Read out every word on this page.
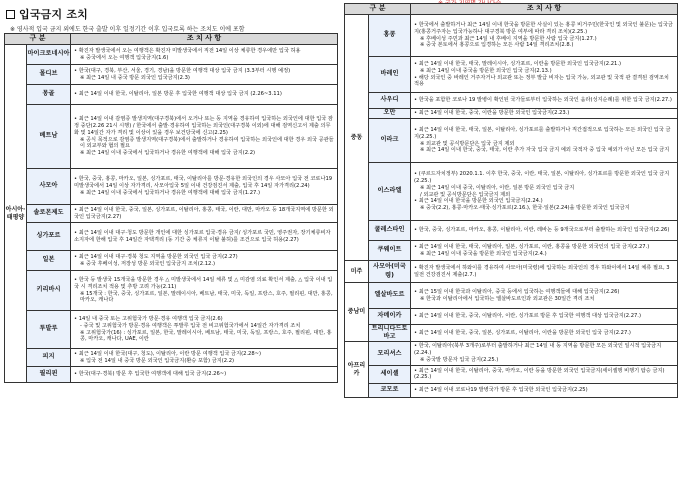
입국금지 조치
※ 영사적 입국 금지 외에도 한국 출발 이후 일정기간 이후 입국토록 하는 조치도 이에 포함
구 분		조 치 사 항
아시아·태평양	마이크로네시아	• 확진자 발생국에서 오는 여행객은 확진자 미발생국에서 직전 14일 이상 체류한 경우에만 입국 허용
※ 중국에서 오는 여행객 입국금지(1.6)

	몰디브	• 한국(대구, 경북, 부산, 서울, 경기, 경남)을 방문한 여행객 대상 입국 금지 (3.3부터 시행 예정)
※ 최근 14일 내 중국 방문 외국인 입국금지(2.3)

	몽골	• 최근 14일 이내 한국, 이탈리아, 일본 방문 후 입국한 여행객 대상 입국 금지 (2.26~3.11)

	베트남	• 최근 14일 이내 감염증 발생지역(대구경북)에서 오거나 또는 동 지역을 경유하여 입국하는 외국인에 대한 입국 잠정 중단(2.26 21시 시행) / 한국에서 출발·경유하여 입국하는 외국인(대구경북 이외)에 대해 검역신고서 제출 의무화 및 14일간 자가 격리 및 이상이 있을 경우 보건당국에 신고(2.25)
※ 공식 목적으로 감염증 발생지역(대구경북)에서 출발하거나 경유하여 입국하는 외국인에 대한 경우 외국 공관들이 외교부와 협의 필요
※ 최근 14일 이내 중국에서 입국하거나 경유한 여행객에 대해 입국 금지(2.2)

	사모아	• 한국, 중국, 홍콩, 마카오, 일본, 싱가포르, 태국, 이탈리아를 방문·경유한 외국인의 경우 사모아 입국 전 코로나19 미발생국에서 14일 이상 자가격리, 사모아입국 5일 이내 건강검진서 제출, 입국 후 14일 자가격리(2.24)
※ 최근 14일 이내 중국에서 입국하거나 경유한 여행객에 대해 입국 금지(1.27.)

	솔로몬제도	• 최근 14일 이내 한국, 중국, 일본, 싱가포르, 이탈리아, 홍콩, 태국, 이란, 대만, 마카오 등 18개국지역에 방문한 외국인 입국금지(2.27)

	싱가포르	• 최근 14일 이내 대구·청도 방문한 개인에 대한 싱가포르 입국·경유 금지/ 싱가포르 국민, 영주권자, 장기체류비자 소지자에 한해 입국 후 14일간 자택격리 (동 기간 중 체류지 이탈 불허)를 조건으로 입국 허용(2.27)

	일본	• 최근 14일 이내 대구·경북 청도 지역을 방문한 외국인 입국 금지(2.27)
※ 중국 후베이성, 저장성 방문 외국인 입국금지 조치(2.12.)

	키리바시	• 한국 등 발생국 15개국을 방문한 경우 △ 미발생국에서 14일 체류 및 △ 미감염 의료 확인서 제출, △ 입국 이내 입국 시 격리조치 적용 및 추방 고려 가능(2.11)
※ 15개국 : 한국, 중국, 싱가포르, 일본, 말레이시아, 베트남, 태국, 미국, 독일, 프랑스, 호주, 필리핀, 대만, 홍콩, 마카오, 캐나다

	투발루	• 14일 내 중국 또는 고위험국가 방문·경유 여행객 입국 금지(2.6)
- 중국 및 고위험국가 방문·경유 여행객은 투발루 입국 전 비고위험국가에서 14일간 자가격리 조치
※ 고위험국가(16) : 싱가포르, 일본, 한국, 말레이시아, 베트남, 태국, 미국, 독일, 프랑스, 호주, 필리핀, 대만, 홍콩, 마카오, 캐나다, UAE, 이란

	피지	• 최근 14일 이내 한국(대구, 청도), 이탈리아, 이란 방문 여행객 입국 금지(2.28~)
※ 입국 전 14일 내 중국 방문 외국인 입국금지(환승 포함) 금지(2.2)

	필리핀	• 한국(대구·경북) 방문 후 입국한 여행객에 대해 입국 금지(2.26~)
구 분		조 치 사 항
중동	홍콩	• 한국에서 출발하거나 최근 14일 이내 한국을 방문한 사실이 있는 홍콩 비거주민(한국인 및 외국인 불문)는 입국금지(홍콩거주자는 입국가능하나 대구경북 방문 여부에 따라 격리 조치)(2.25.)
※ 후베이성 주민과 최근 14일 내 후베이 지역을 방문한 사람 입국 금지(1.27.)
※ 중국 본토에서 홍콩으로 입경하는 모든 사람 14일 격리조치(2.8.)

	바레인	• 최근 14일 이내 한국, 태국, 말레이시아, 싱가포르, 이란을 방문한 외국인 입국금지(2.21.)
※ 최근 14일 이내 중국을 방문한 외국인 입국 금지(2.13.)
• 해당 외국인 중 바레인 거주자거나 외교관 또는 정부 발급 비자는 입국 가능, 외교관 및 국적 관 결격된 검역조치 적용

	사우디	• 한국을 포함한 코로나 19 발병이 확인된 국가들로부터 입국하는 외국인 움라(성지순례)를 위한 입국 금지(2.27.)

	오만	• 최근 14일 이내 한국, 중국, 이란을 방문한 외국인 입국금지(2.23.)

	이라크	• 최근 14일 이내 한국, 태국, 일본, 이탈리아, 싱가포르를 출발하거나 직간접적으로 입국하는 모든 외국인 입국 금지(2.25.)
※ 외교관 및 공식방문단은 입국 금지 제외
※ 최근 14일 이내 한국, 중국, 태국, 이란 추가 자국 입국 금지 예외 국적자 중 입국 예외가 아닌 모든 입국 금지

	이스라엘	• (쿠르드자치정부) 2020.1.1. 이후 한국, 중국, 이란, 태국, 일본, 이탈리아, 싱가포르를 방문한 외국인 입국 금지(2.25.)
※ 최근 14일 이내 중국, 이탈리아, 이란, 일본 방문 외국인 입국 금지
/ 외교관 및 공식방문단은 입국금지 제외
• 최근 14일 이내 한국을 방문한 외국인 입국금지(2.24.)
※ 중국(2.2), 홍콩·마카오·태국·싱가포르(2.16.), 한국·일본(2.24)을 방문한 외국인 입국금지

	쿨레스타인	• 한국, 중국, 싱가포르, 마카오, 홍콩, 이탈리아, 이란, 레바논 등 9개국으로부터 출발하는 외국인 입국금지(2.26)

	쿠웨이트	• 최근 14일 이내 한국, 태국, 이탈리아, 일본, 싱가포르, 이란, 홍콩을 방문한 외국인의 입국 금지(2.27.)
※ 최근 14일 이내 중국을 방문한 외국인 입국금지(2.4.)

미주	사모아(미국령)	• 확진자 발생국에서 하와이를 경유하여 사모아(미국령)에 입국하는 외국인의 경우 하와이에서 14일 체류 필요, 3일전 건강검진서 제출(2.7.)

중남미	엘살바도르	• 최근 15일 이내 한국과 이탈리아, 중국 등에서 입국하는 여행객들에 대해 입국금지(2.26)
※ 한국과 이탈리아에서 입국하는 엘살바도르인과 외교관은 30일간 격리 조치

	자메이카	• 최근 14일 이내 한국, 중국, 이탈리아, 이란, 싱가포르 방문 후 입국한 여행객 대상 입국금지(2.27.)

	트리니다드토바고	• 최근 14일 이내 한국, 중국, 일본, 싱가포르, 이탈리아, 이란을 방문한 외국인 입국 금지(2.27.)

아프리카	모리셔스	• 한국, 이탈리아(북부 3개주)로부터 출발하거나 최근 14일 내 동 지역을 방문한 모든 외국인 일시적 입국금지(2.24.)
※ 중국발 방문자 입국 금지(2.25.)

	세이셸	• 최근 14일 이내 한국, 이탈리아, 중국, 마카오, 이란 등을 방문한 외국인 입국금지(세이셸행 비행기 탑승 금지)(2.25.)

	코모로	• 최근 14일 이내 코로나19 발병국가 방문 후 입국한 외국인 입국금지(2.25)
